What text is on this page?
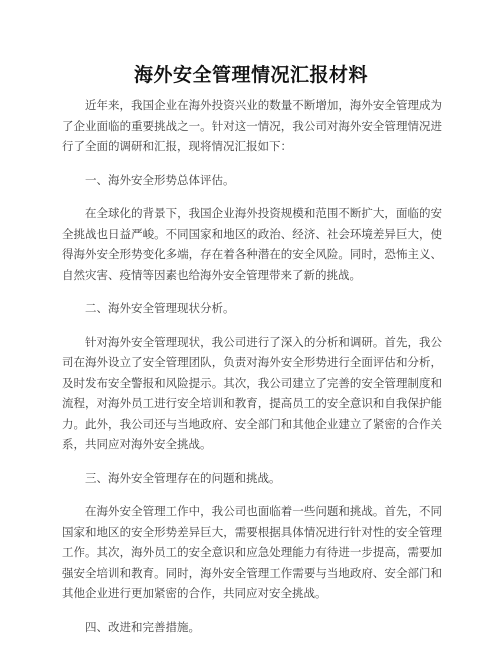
海外安全管理情况汇报材料

近年来，我国企业在海外投资兴业的数量不断增加，海外安全管理成为了企业面临的重要挑战之一。针对这一情况，我公司对海外安全管理情况进行了全面的调研和汇报，现将情况汇报如下：

一、海外安全形势总体评估。

在全球化的背景下，我国企业海外投资规模和范围不断扩大，面临的安全挑战也日益严峻。不同国家和地区的政治、经济、社会环境差异巨大，使得海外安全形势变化多端，存在着各种潜在的安全风险。同时，恐怖主义、自然灾害、疫情等因素也给海外安全管理带来了新的挑战。

二、海外安全管理现状分析。

针对海外安全管理现状，我公司进行了深入的分析和调研。首先，我公司在海外设立了安全管理团队，负责对海外安全形势进行全面评估和分析，及时发布安全警报和风险提示。其次，我公司建立了完善的安全管理制度和流程，对海外员工进行安全培训和教育，提高员工的安全意识和自我保护能力。此外，我公司还与当地政府、安全部门和其他企业建立了紧密的合作关系，共同应对海外安全挑战。

三、海外安全管理存在的问题和挑战。

在海外安全管理工作中，我公司也面临着一些问题和挑战。首先，不同国家和地区的安全形势差异巨大，需要根据具体情况进行针对性的安全管理工作。其次，海外员工的安全意识和应急处理能力有待进一步提高，需要加强安全培训和教育。同时，海外安全管理工作需要与当地政府、安全部门和其他企业进行更加紧密的合作，共同应对安全挑战。

四、改进和完善措施。
